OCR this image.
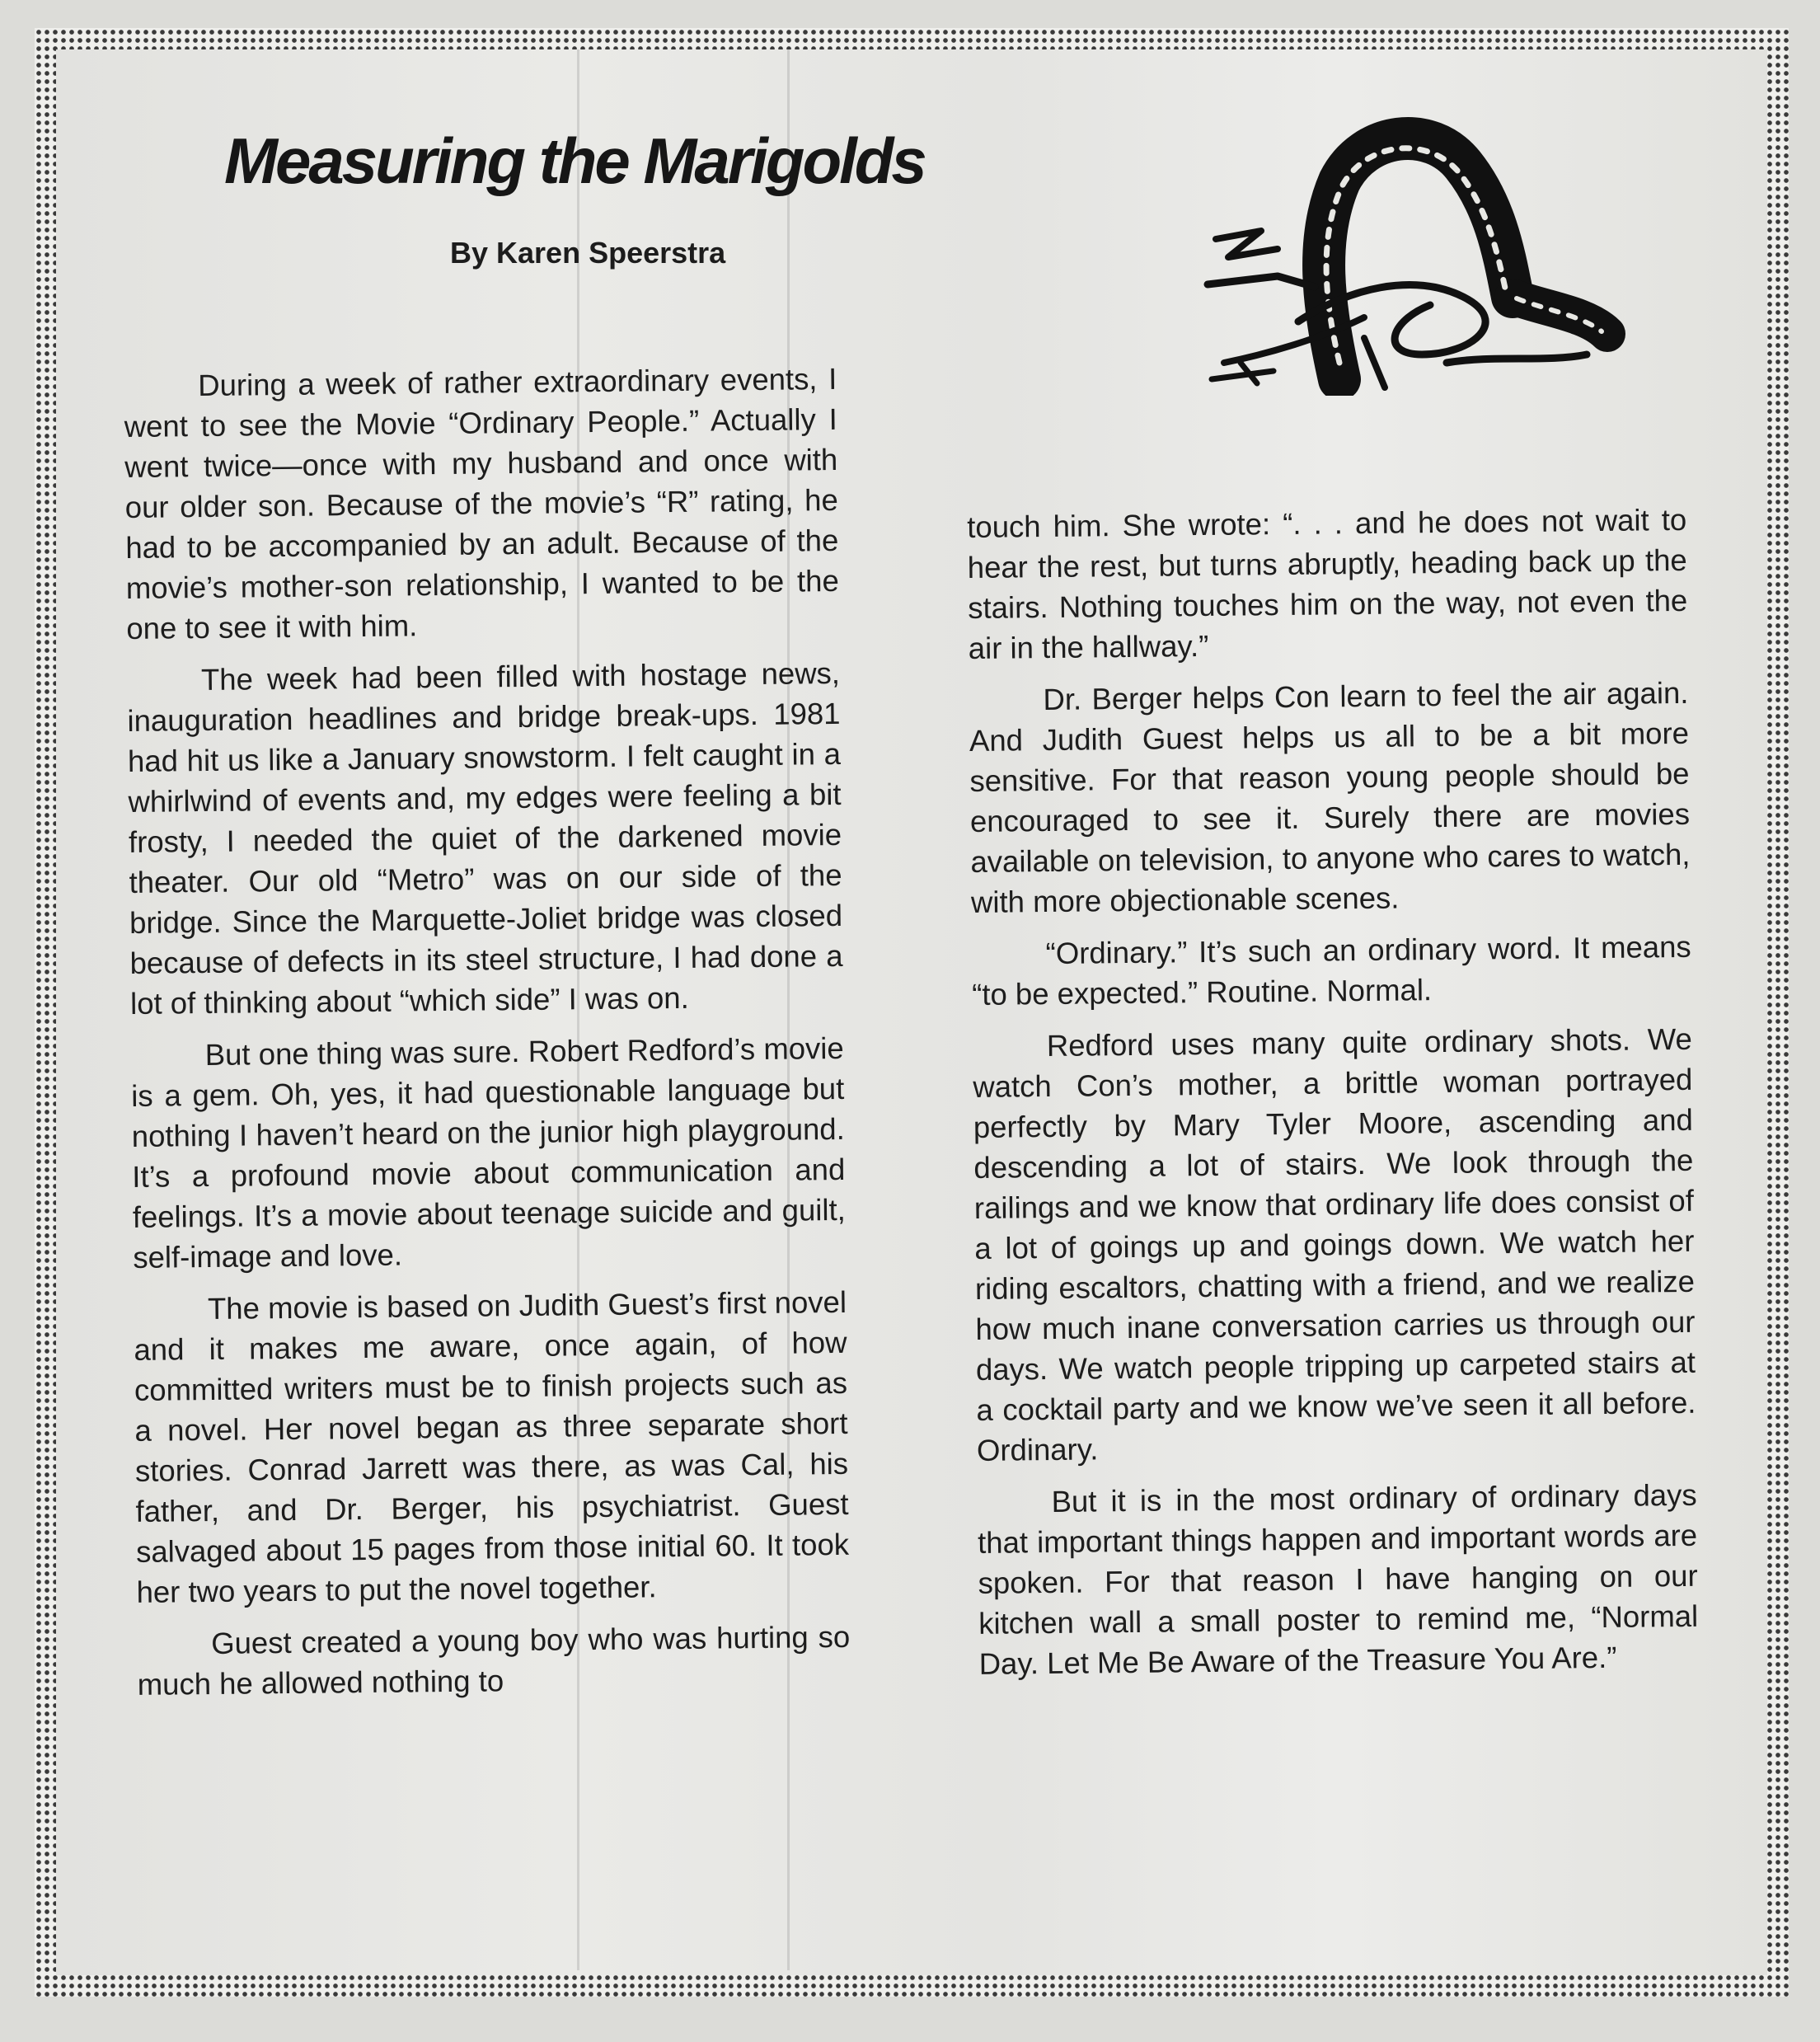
Measuring the Marigolds
By Karen Speerstra

During a week of rather extraordinary events, I went to see the Movie “Ordinary People.” Actually I went twice—once with my husband and once with our older son. Because of the movie’s “R” rating, he had to be accompanied by an adult. Because of the movie’s mother-son relationship, I wanted to be the one to see it with him.

The week had been filled with hostage news, inauguration headlines and bridge break-ups. 1981 had hit us like a January snowstorm. I felt caught in a whirlwind of events and, my edges were feeling a bit frosty, I needed the quiet of the darkened movie theater. Our old “Metro” was on our side of the bridge. Since the Marquette-Joliet bridge was closed because of defects in its steel structure, I had done a lot of thinking about “which side” I was on.

But one thing was sure. Robert Redford’s movie is a gem. Oh, yes, it had questionable language but nothing I haven’t heard on the junior high playground. It’s a profound movie about communication and feelings. It’s a movie about teenage suicide and guilt, self-image and love.

The movie is based on Judith Guest’s first novel and it makes me aware, once again, of how committed writers must be to finish projects such as a novel. Her novel began as three separate short stories. Conrad Jarrett was there, as was Cal, his father, and Dr. Berger, his psychiatrist. Guest salvaged about 15 pages from those initial 60. It took her two years to put the novel together.

Guest created a young boy who was hurting so much he allowed nothing to

touch him. She wrote: “. . . and he does not wait to hear the rest, but turns abruptly, heading back up the stairs. Nothing touches him on the way, not even the air in the hallway.”

Dr. Berger helps Con learn to feel the air again. And Judith Guest helps us all to be a bit more sensitive. For that reason young people should be encouraged to see it. Surely there are movies available on television, to anyone who cares to watch, with more objectionable scenes.

“Ordinary.” It’s such an ordinary word. It means “to be expected.” Routine. Normal.

Redford uses many quite ordinary shots. We watch Con’s mother, a brittle woman portrayed perfectly by Mary Tyler Moore, ascending and descending a lot of stairs. We look through the railings and we know that ordinary life does consist of a lot of goings up and goings down. We watch her riding escaltors, chatting with a friend, and we realize how much inane conversation carries us through our days. We watch people tripping up carpeted stairs at a cocktail party and we know we’ve seen it all before. Ordinary.

But it is in the most ordinary of ordinary days that important things happen and important words are spoken. For that reason I have hanging on our kitchen wall a small poster to remind me, “Normal Day. Let Me Be Aware of the Treasure You Are.”
